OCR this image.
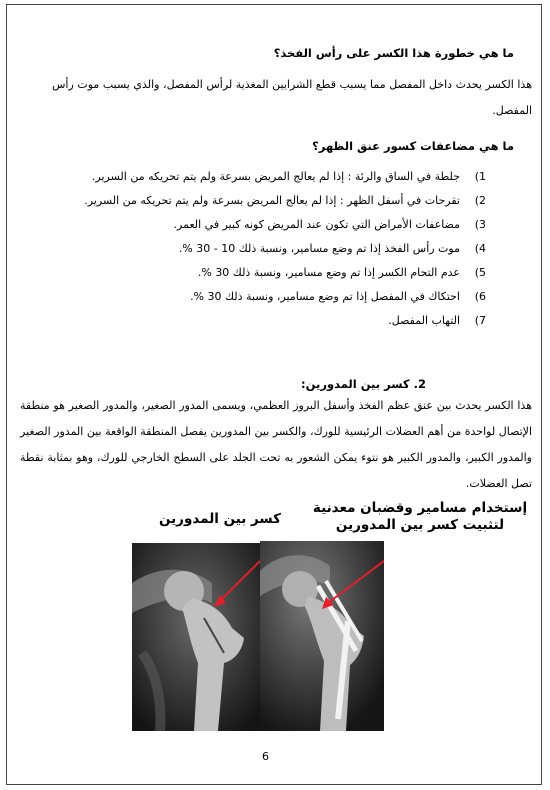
ما هي خطورة هذا الكسر على رأس الفخذ؟
هذا الكسر يحدث داخل المفصل مما يسبب قطع الشرايين المغذية لرأس المفصل، والذي يسبب موت رأس المفصل.
ما هي مضاعفات كسور عنق الظهر؟
1)
جلطة في الساق والرئة : إذا لم يعالج المريض بسرعة ولم يتم تحريكه من السرير.
2)
تقرحات في أسفل الظهر : إذا لم يعالج المريض بسرعة ولم يتم تحريكه من السرير.
3)
مضاعفات الأمراض التي تكون عند المريض كونه كبير في العمر.
4)
موت رأس الفخذ إذا تم وضع مسامير، ونسبة ذلك 10 - 30 %.
5)
عدم التحام الكسر إذا تم وضع مسامير، ونسبة ذلك 30 %.
6)
احتكاك في المفصل إذا تم وضع مسامير، ونسبة ذلك 30 %.
7)
التهاب المفصل.
2. كسر بين المدورين:
هذا الكسر يحدث بين عنق عظم الفخذ وأسفل البروز العظمي، ويسمى المدور الصغير، والمدور الصغير هو منطقة الإتصال لواحدة من أهم العضلات الرئيسية للورك، والكسر بين المدورين يفصل المنطقة الواقعة بين المدور الصغير والمدور الكبير، والمدور الكبير هو نتوء يمكن الشعور به تحت الجلد على السطح الخارجي للورك، وهو بمثابة نقطة تصل العضلات.
إستخدام مسامير وقضبان معدنية
لتثبيت كسر بين المدورين
كسر بين المدورين
6
